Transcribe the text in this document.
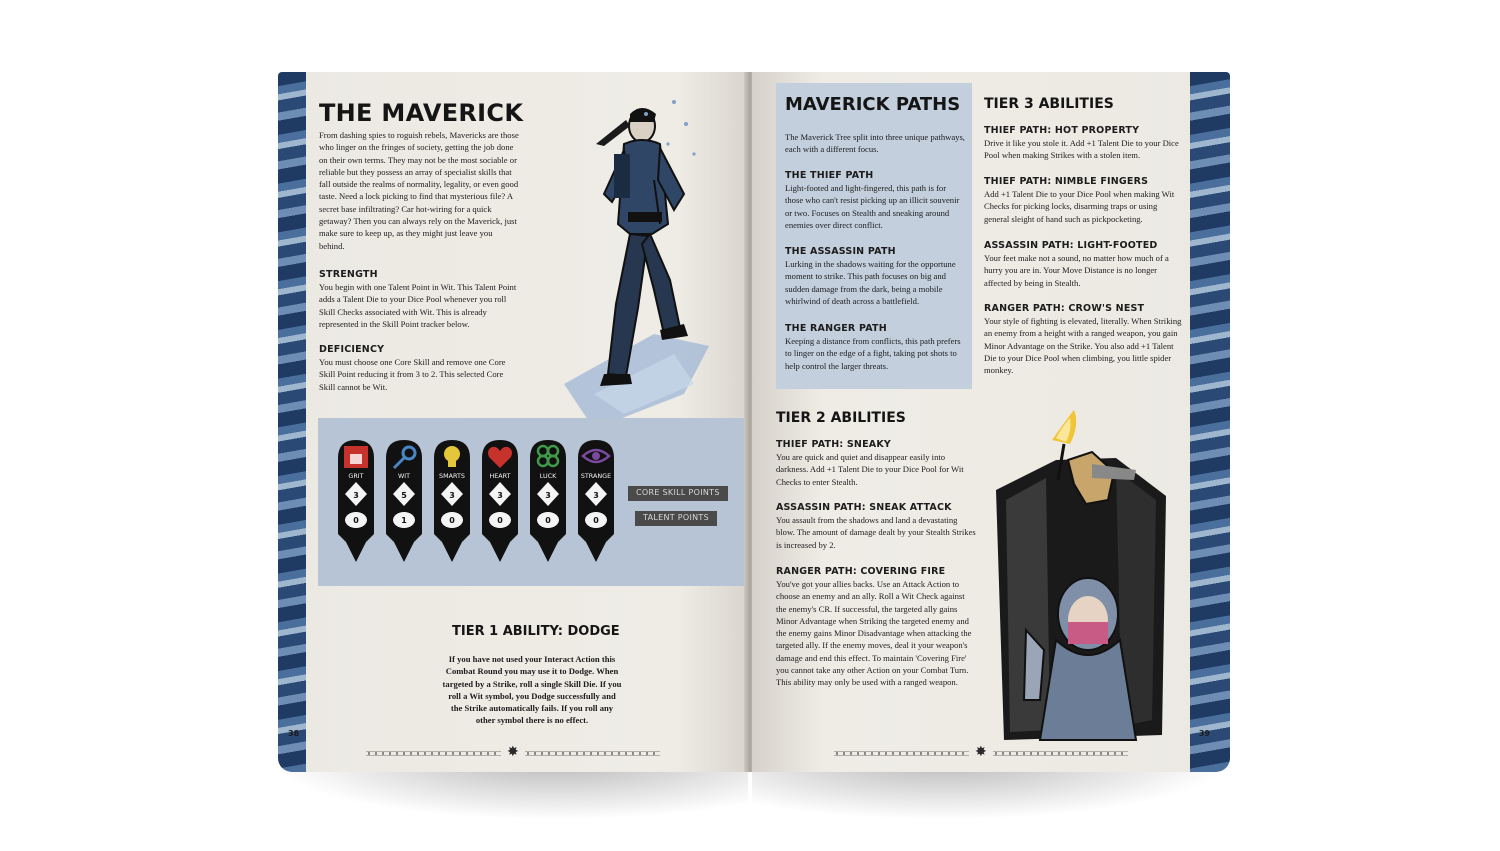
THE MAVERICK

From dashing spies to roguish rebels, Mavericks are those who linger on the fringes of society, getting the job done on their own terms. They may not be the most sociable or reliable but they possess an array of specialist skills that fall outside the realms of normality, legality, or even good taste. Need a lock picking to find that mysterious file? A secret base infiltrating? Car hot-wiring for a quick getaway? Then you can always rely on the Maverick, just make sure to keep up, as they might just leave you behind.

STRENGTH

You begin with one Talent Point in Wit. This Talent Point adds a Talent Die to your Dice Pool whenever you roll Skill Checks associated with Wit. This is already represented in the Skill Point tracker below.

DEFICIENCY

You must choose one Core Skill and remove one Core Skill Point reducing it from 3 to 2. This selected Core Skill cannot be Wit.

GRIT
3
0
WIT
5
1
SMARTS
3
0
HEART
3
0
LUCK
3
0
STRANGE
3
0
CORE SKILL POINTS
TALENT POINTS
TIER 1 ABILITY: DODGE

If you have not used your Interact Action this Combat Round you may use it to Dodge. When targeted by a Strike, roll a single Skill Die. If you roll a Wit symbol, you Dodge successfully and the Strike automatically fails. If you roll any other symbol there is no effect.

38
✸
MAVERICK PATHS

The Maverick Tree split into three unique pathways, each with a different focus.

THE THIEF PATH

Light-footed and light-fingered, this path is for those who can't resist picking up an illicit souvenir or two. Focuses on Stealth and sneaking around enemies over direct conflict.

THE ASSASSIN PATH

Lurking in the shadows waiting for the opportune moment to strike. This path focuses on big and sudden damage from the dark, being a mobile whirlwind of death across a battlefield.

THE RANGER PATH

Keeping a distance from conflicts, this path prefers to linger on the edge of a fight, taking pot shots to help control the larger threats.

TIER 3 ABILITIES
THIEF PATH: HOT PROPERTY

Drive it like you stole it. Add +1 Talent Die to your Dice Pool when making Strikes with a stolen item.

THIEF PATH: NIMBLE FINGERS

Add +1 Talent Die to your Dice Pool when making Wit Checks for picking locks, disarming traps or using general sleight of hand such as pickpocketing.

ASSASSIN PATH: LIGHT-FOOTED

Your feet make not a sound, no matter how much of a hurry you are in. Your Move Distance is no longer affected by being in Stealth.

RANGER PATH: CROW'S NEST

Your style of fighting is elevated, literally. When Striking an enemy from a height with a ranged weapon, you gain Minor Advantage on the Strike. You also add +1 Talent Die to your Dice Pool when climbing, you little spider monkey.

TIER 2 ABILITIES
THIEF PATH: SNEAKY

You are quick and quiet and disappear easily into darkness. Add +1 Talent Die to your Dice Pool for Wit Checks to enter Stealth.

ASSASSIN PATH: SNEAK ATTACK

You assault from the shadows and land a devastating blow. The amount of damage dealt by your Stealth Strikes is increased by 2.

RANGER PATH: COVERING FIRE

You've got your allies backs. Use an Attack Action to choose an enemy and an ally. Roll a Wit Check against the enemy's CR. If successful, the targeted ally gains Minor Advantage when Striking the targeted enemy and the enemy gains Minor Disadvantage when attacking the targeted ally. If the enemy moves, deal it your weapon's damage and end this effect. To maintain 'Covering Fire' you cannot take any other Action on your Combat Turn. This ability may only be used with a ranged weapon.

39
✸
